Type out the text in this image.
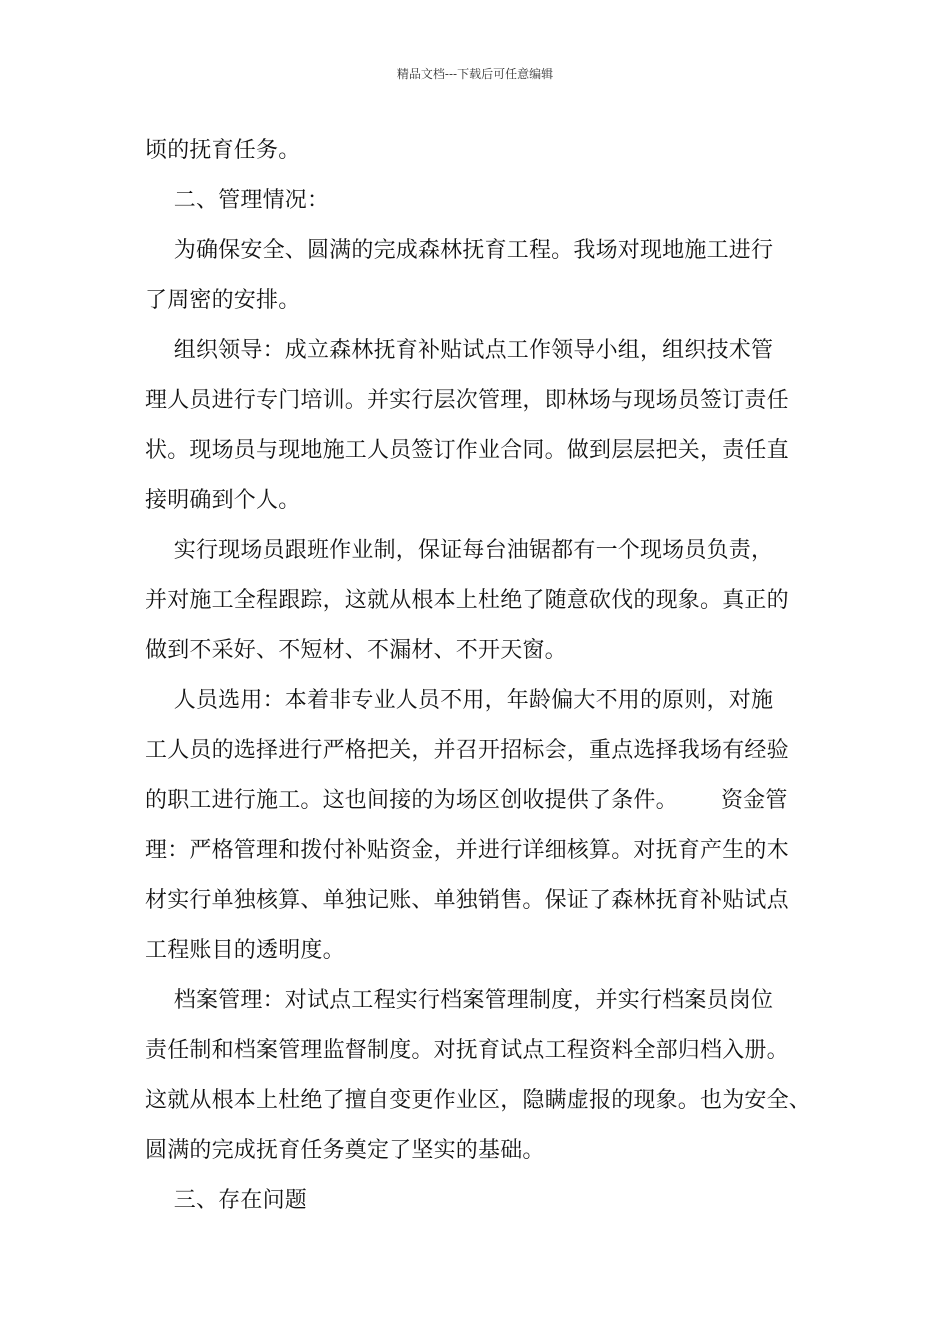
精品文档---下载后可任意编辑
顷的抚育任务。
二、管理情况：
为确保安全、圆满的完成森林抚育工程。我场对现地施工进行
了周密的安排。
组织领导：成立森林抚育补贴试点工作领导小组，组织技术管
理人员进行专门培训。并实行层次管理，即林场与现场员签订责任
状。现场员与现地施工人员签订作业合同。做到层层把关，责任直
接明确到个人。
实行现场员跟班作业制，保证每台油锯都有一个现场员负责，
并对施工全程跟踪，这就从根本上杜绝了随意砍伐的现象。真正的
做到不采好、不短材、不漏材、不开天窗。
人员选用：本着非专业人员不用，年龄偏大不用的原则，对施
工人员的选择进行严格把关，并召开招标会，重点选择我场有经验
的职工进行施工。这也间接的为场区创收提供了条件。      资金管
理：严格管理和拨付补贴资金，并进行详细核算。对抚育产生的木
材实行单独核算、单独记账、单独销售。保证了森林抚育补贴试点
工程账目的透明度。
档案管理：对试点工程实行档案管理制度，并实行档案员岗位
责任制和档案管理监督制度。对抚育试点工程资料全部归档入册。
这就从根本上杜绝了擅自变更作业区，隐瞒虚报的现象。也为安全、
圆满的完成抚育任务奠定了坚实的基础。
三、存在问题
